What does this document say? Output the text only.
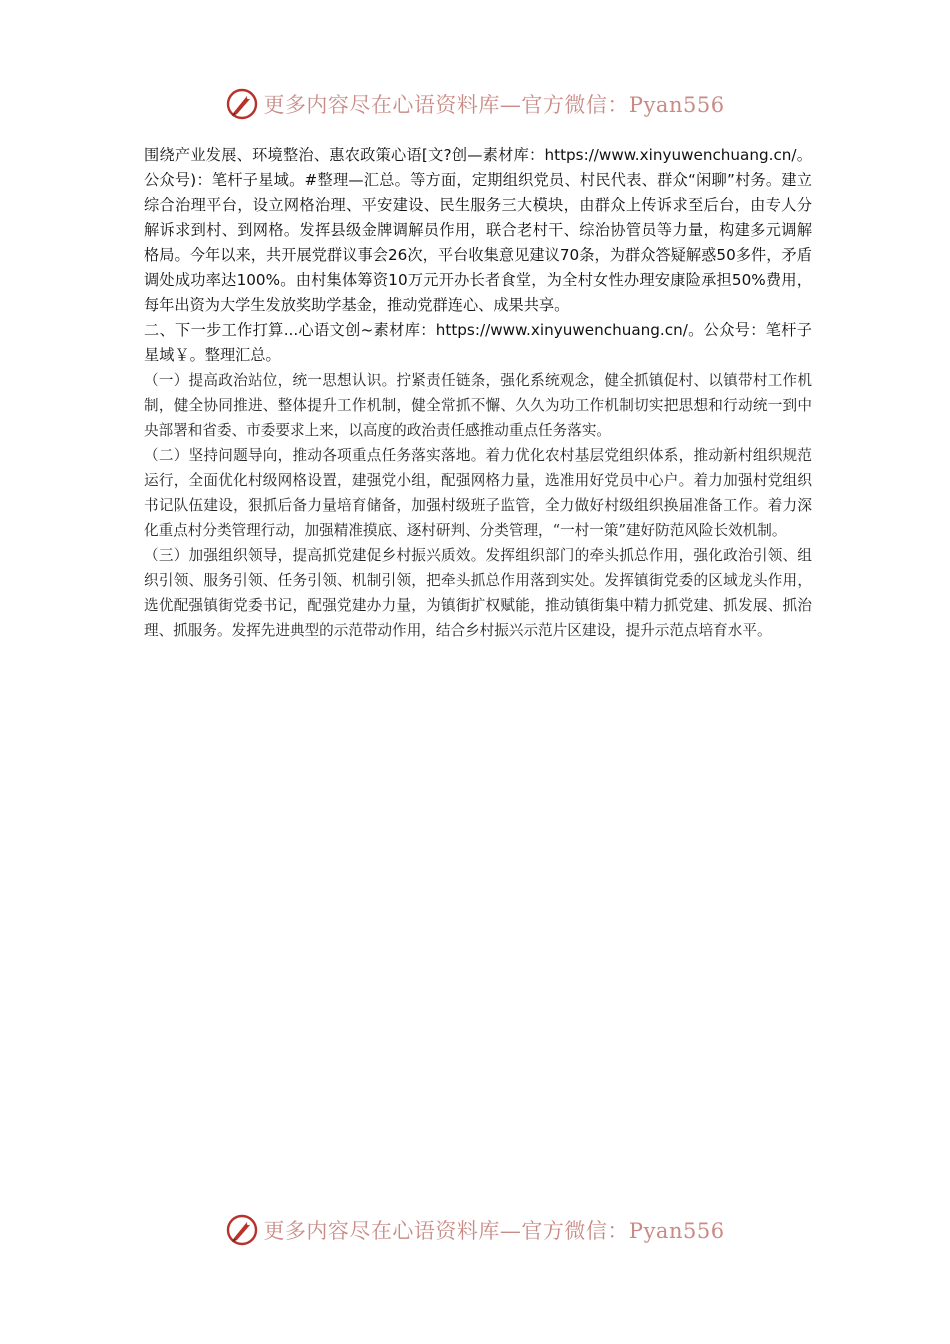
更多内容尽在心语资料库—官方微信：Pyan556

围绕产业发展、环境整治、惠农政策心语[文?创—素材库：https://www.xinyuwenchuang.cn/。公众号)：笔杆子星域。#整理—汇总。等方面，定期组织党员、村民代表、群众“闲聊”村务。建立综合治理平台，设立网格治理、平安建设、民生服务三大模块，由群众上传诉求至后台，由专人分解诉求到村、到网格。发挥县级金牌调解员作用，联合老村干、综治协管员等力量，构建多元调解格局。今年以来，共开展党群议事会26次，平台收集意见建议70条，为群众答疑解惑50多件，矛盾调处成功率达100%。由村集体筹资10万元开办长者食堂，为全村女性办理安康险承担50%费用，每年出资为大学生发放奖助学基金，推动党群连心、成果共享。

二、下一步工作打算...心语文创~素材库：https://www.xinyuwenchuang.cn/。公众号：笔杆子星域￥。整理汇总。

（一）提高政治站位，统一思想认识。拧紧责任链条，强化系统观念，健全抓镇促村、以镇带村工作机制，健全协同推进、整体提升工作机制，健全常抓不懈、久久为功工作机制切实把思想和行动统一到中央部署和省委、市委要求上来，以高度的政治责任感推动重点任务落实。

（二）坚持问题导向，推动各项重点任务落实落地。着力优化农村基层党组织体系，推动新村组织规范运行，全面优化村级网格设置，建强党小组，配强网格力量，选准用好党员中心户。着力加强村党组织书记队伍建设，狠抓后备力量培育储备，加强村级班子监管，全力做好村级组织换届准备工作。着力深化重点村分类管理行动，加强精准摸底、逐村研判、分类管理，“一村一策”建好防范风险长效机制。

（三）加强组织领导，提高抓党建促乡村振兴质效。发挥组织部门的牵头抓总作用，强化政治引领、组织引领、服务引领、任务引领、机制引领，把牵头抓总作用落到实处。发挥镇街党委的区域龙头作用，选优配强镇街党委书记，配强党建办力量，为镇街扩权赋能，推动镇街集中精力抓党建、抓发展、抓治理、抓服务。发挥先进典型的示范带动作用，结合乡村振兴示范片区建设，提升示范点培育水平。

更多内容尽在心语资料库—官方微信：Pyan556
